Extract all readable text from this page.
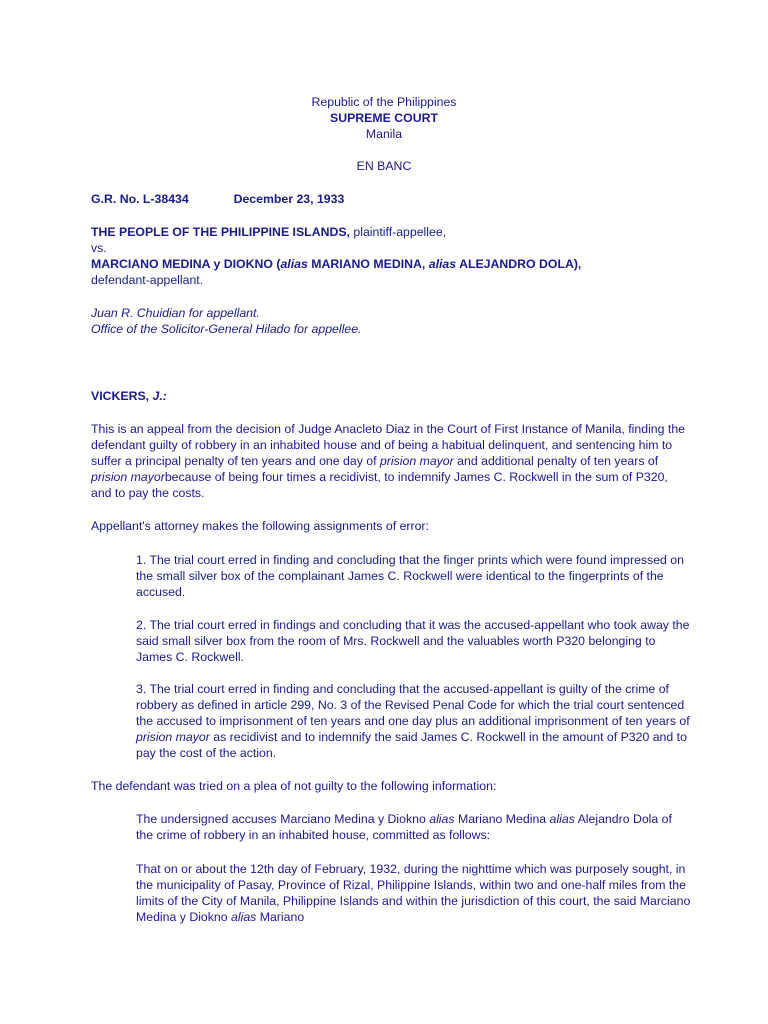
Republic of the Philippines
SUPREME COURT
Manila
EN BANC
G.R. No. L-38434	December 23, 1933

THE PEOPLE OF THE PHILIPPINE ISLANDS, plaintiff-appellee,

vs.

MARCIANO MEDINA y DIOKNO (alias MARIANO MEDINA, alias ALEJANDRO DOLA), defendant-appellant.

Juan R. Chuidian for appellant.

Office of the Solicitor-General Hilado for appellee.

VICKERS, J.:

This is an appeal from the decision of Judge Anacleto Diaz in the Court of First Instance of Manila, finding the defendant guilty of robbery in an inhabited house and of being a habitual delinquent, and sentencing him to suffer a principal penalty of ten years and one day of prision mayor and additional penalty of ten years of prision mayorbecause of being four times a recidivist, to indemnify James C. Rockwell in the sum of P320, and to pay the costs.

Appellant's attorney makes the following assignments of error:

1. The trial court erred in finding and concluding that the finger prints which were found impressed on the small silver box of the complainant James C. Rockwell were identical to the fingerprints of the accused.

2. The trial court erred in findings and concluding that it was the accused-appellant who took away the said small silver box from the room of Mrs. Rockwell and the valuables worth P320 belonging to James C. Rockwell.

3. The trial court erred in finding and concluding that the accused-appellant is guilty of the crime of robbery as defined in article 299, No. 3 of the Revised Penal Code for which the trial court sentenced the accused to imprisonment of ten years and one day plus an additional imprisonment of ten years of prision mayor as recidivist and to indemnify the said James C. Rockwell in the amount of P320 and to pay the cost of the action.

The defendant was tried on a plea of not guilty to the following information:

The undersigned accuses Marciano Medina y Diokno alias Mariano Medina alias Alejandro Dola of the crime of robbery in an inhabited house, committed as follows:

That on or about the 12th day of February, 1932, during the nighttime which was purposely sought, in the municipality of Pasay, Province of Rizal, Philippine Islands, within two and one-half miles from the limits of the City of Manila, Philippine Islands and within the jurisdiction of this court, the said Marciano Medina y Diokno alias Mariano
